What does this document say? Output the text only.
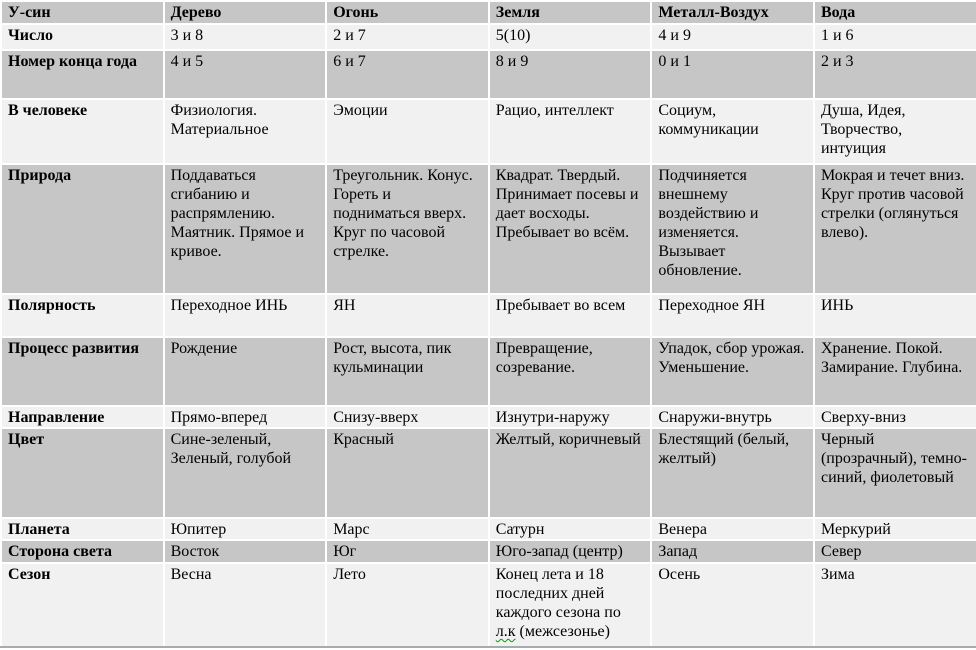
У-син	Дерево	Огонь	Земля	Металл-Воздух	Вода
Число	3 и 8	2 и 7	5(10)	4 и 9	1 и 6
Номер конца года	4 и 5	6 и 7	8 и 9	0 и 1	2 и 3
В человеке	Физиология. Материальное	Эмоции	Рацио, интеллект	Социум, коммуникации	Душа, Идея, Творчество, интуиция
Природа	Поддаваться сгибанию и распрямлению. Маятник. Прямое и кривое.	Треугольник. Конус. Гореть и подниматься вверх. Круг по часовой стрелке.	Квадрат. Твердый. Принимает посевы и дает восходы. Пребывает во всём.	Подчиняется внешнему воздействию и изменяется. Вызывает обновление.	Мокрая и течет вниз. Круг против часовой стрелки (оглянуться влево).
Полярность	Переходное ИНЬ	ЯН	Пребывает во всем	Переходное ЯН	ИНЬ
Процесс развития	Рождение	Рост, высота, пик кульминации	Превращение, созревание.	Упадок, сбор урожая. Уменьшение.	Хранение. Покой. Замирание. Глубина.
Направление	Прямо-вперед	Снизу-вверх	Изнутри-наружу	Снаружи-внутрь	Сверху-вниз
Цвет	Сине-зеленый, Зеленый, голубой	Красный	Желтый, коричневый	Блестящий (белый, желтый)	Черный (прозрачный), темно-синий, фиолетовый
Планета	Юпитер	Марс	Сатурн	Венера	Меркурий
Сторона света	Восток	Юг	Юго-запад (центр)	Запад	Север
Сезон	Весна	Лето	Конец лета и 18 последних дней каждого сезона по л.к (межсезонье)	Осень	Зима
